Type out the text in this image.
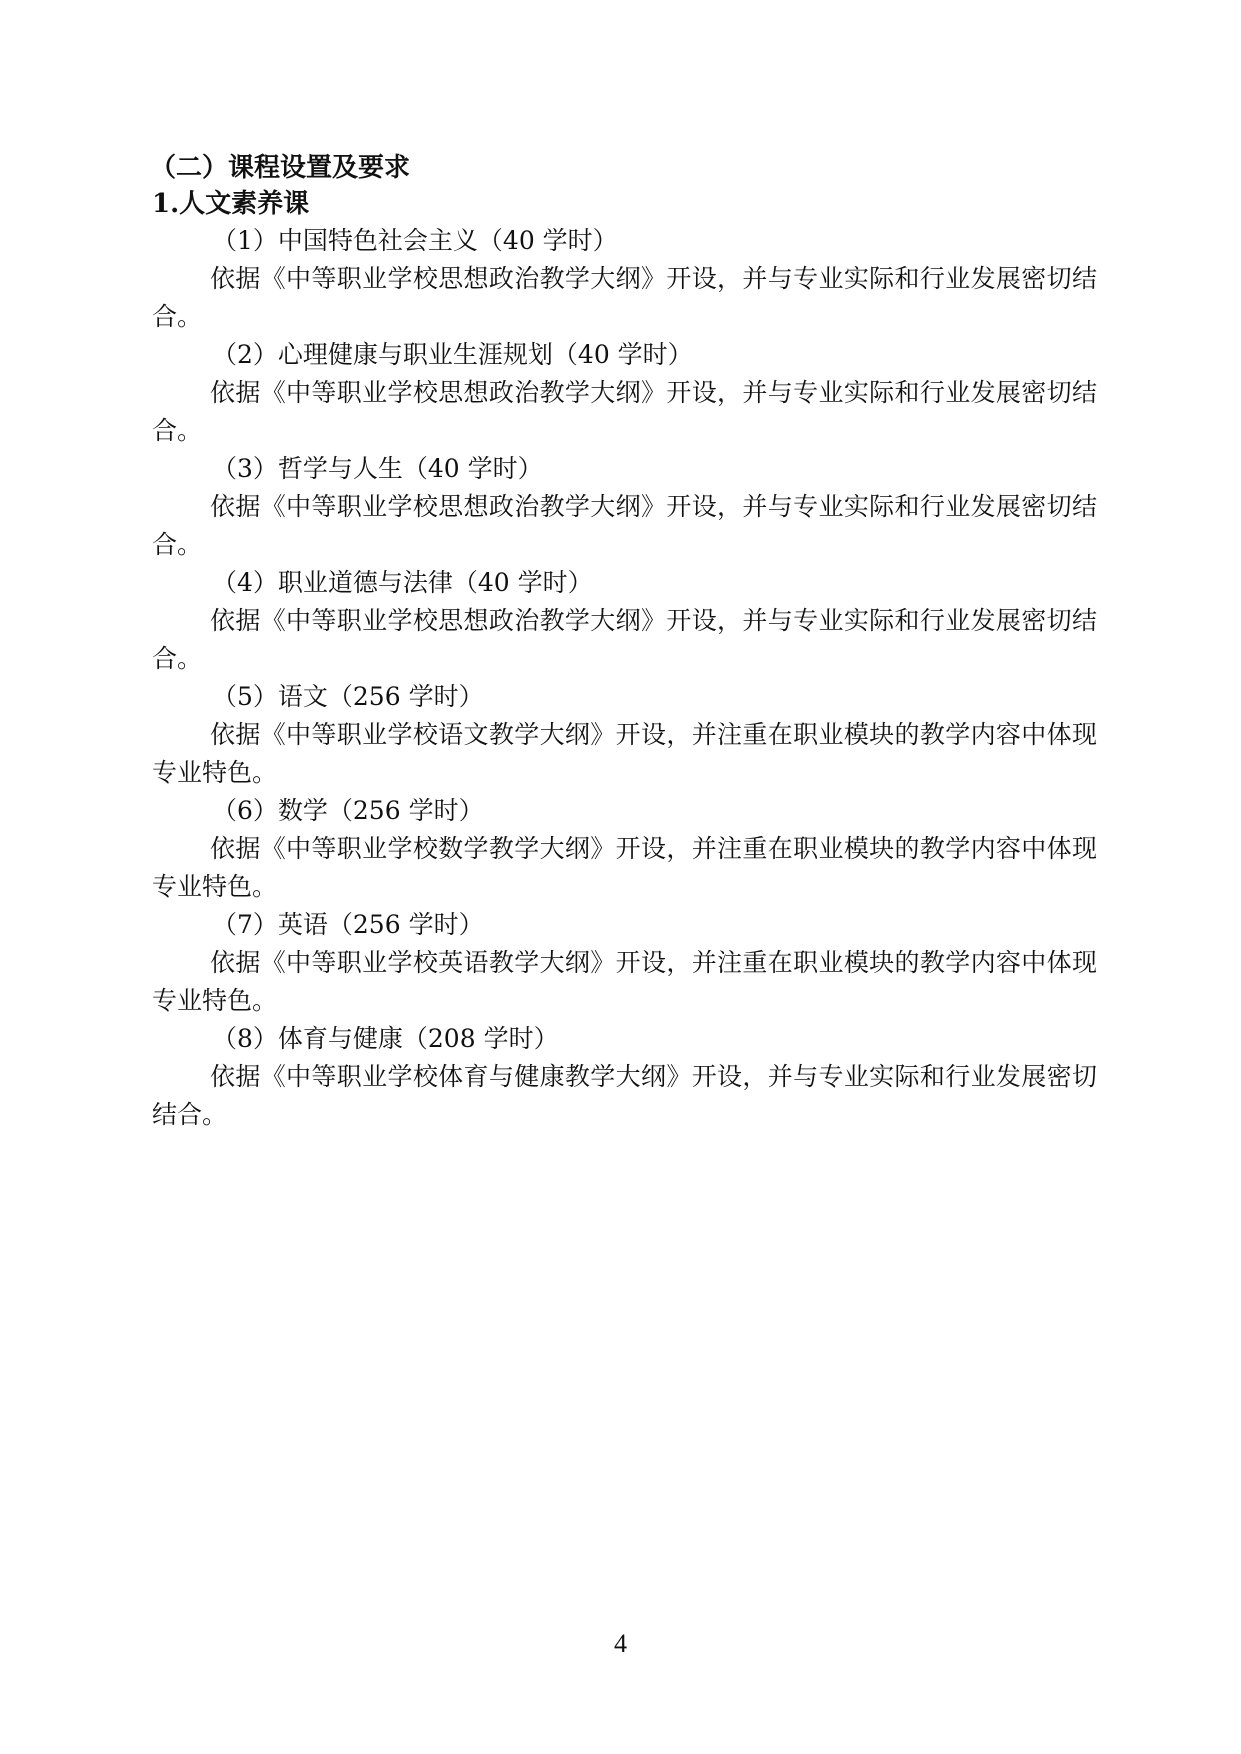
（二）课程设置及要求
1.人文素养课
（1）中国特色社会主义（40 学时）

依据《中等职业学校思想政治教学大纲》开设，并与专业实际和行业发展密切结合。

（2）心理健康与职业生涯规划（40 学时）

依据《中等职业学校思想政治教学大纲》开设，并与专业实际和行业发展密切结合。

（3）哲学与人生（40 学时）

依据《中等职业学校思想政治教学大纲》开设，并与专业实际和行业发展密切结合。

（4）职业道德与法律（40 学时）

依据《中等职业学校思想政治教学大纲》开设，并与专业实际和行业发展密切结合。

（5）语文（256 学时）

依据《中等职业学校语文教学大纲》开设，并注重在职业模块的教学内容中体现专业特色。

（6）数学（256 学时）

依据《中等职业学校数学教学大纲》开设，并注重在职业模块的教学内容中体现专业特色。

（7）英语（256 学时）

依据《中等职业学校英语教学大纲》开设，并注重在职业模块的教学内容中体现专业特色。

（8）体育与健康（208 学时）

依据《中等职业学校体育与健康教学大纲》开设，并与专业实际和行业发展密切结合。

4
